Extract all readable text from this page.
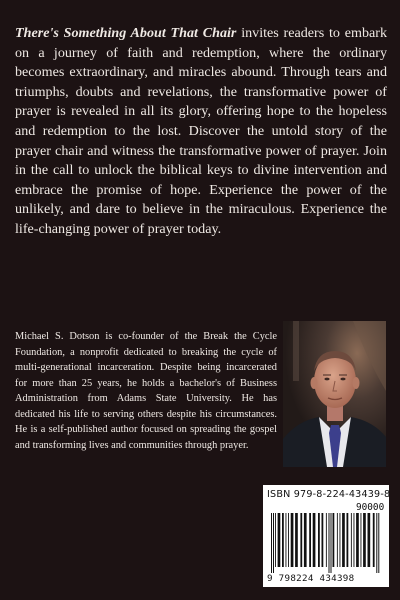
There's Something About That Chair invites readers to embark on a journey of faith and redemption, where the ordinary becomes extraordinary, and miracles abound. Through tears and triumphs, doubts and revelations, the transformative power of prayer is revealed in all its glory, offering hope to the hopeless and redemption to the lost. Discover the untold story of the prayer chair and witness the transformative power of prayer. Join in the call to unlock the biblical keys to divine intervention and embrace the promise of hope. Experience the power of the unlikely, and dare to believe in the miraculous. Experience the life-changing power of prayer today.

Michael S. Dotson is co-founder of the Break the Cycle Foundation, a nonprofit dedicated to breaking the cycle of multi-generational incarceration. Despite being incarcerated for more than 25 years, he holds a bachelor's of Business Administration from Adams State University. He has dedicated his life to serving others despite his circumstances. He is a self-published author focused on spreading the gospel and transforming lives and communities through prayer.

ISBN 979-8-224-43439-8
90000
9 798224 434398
